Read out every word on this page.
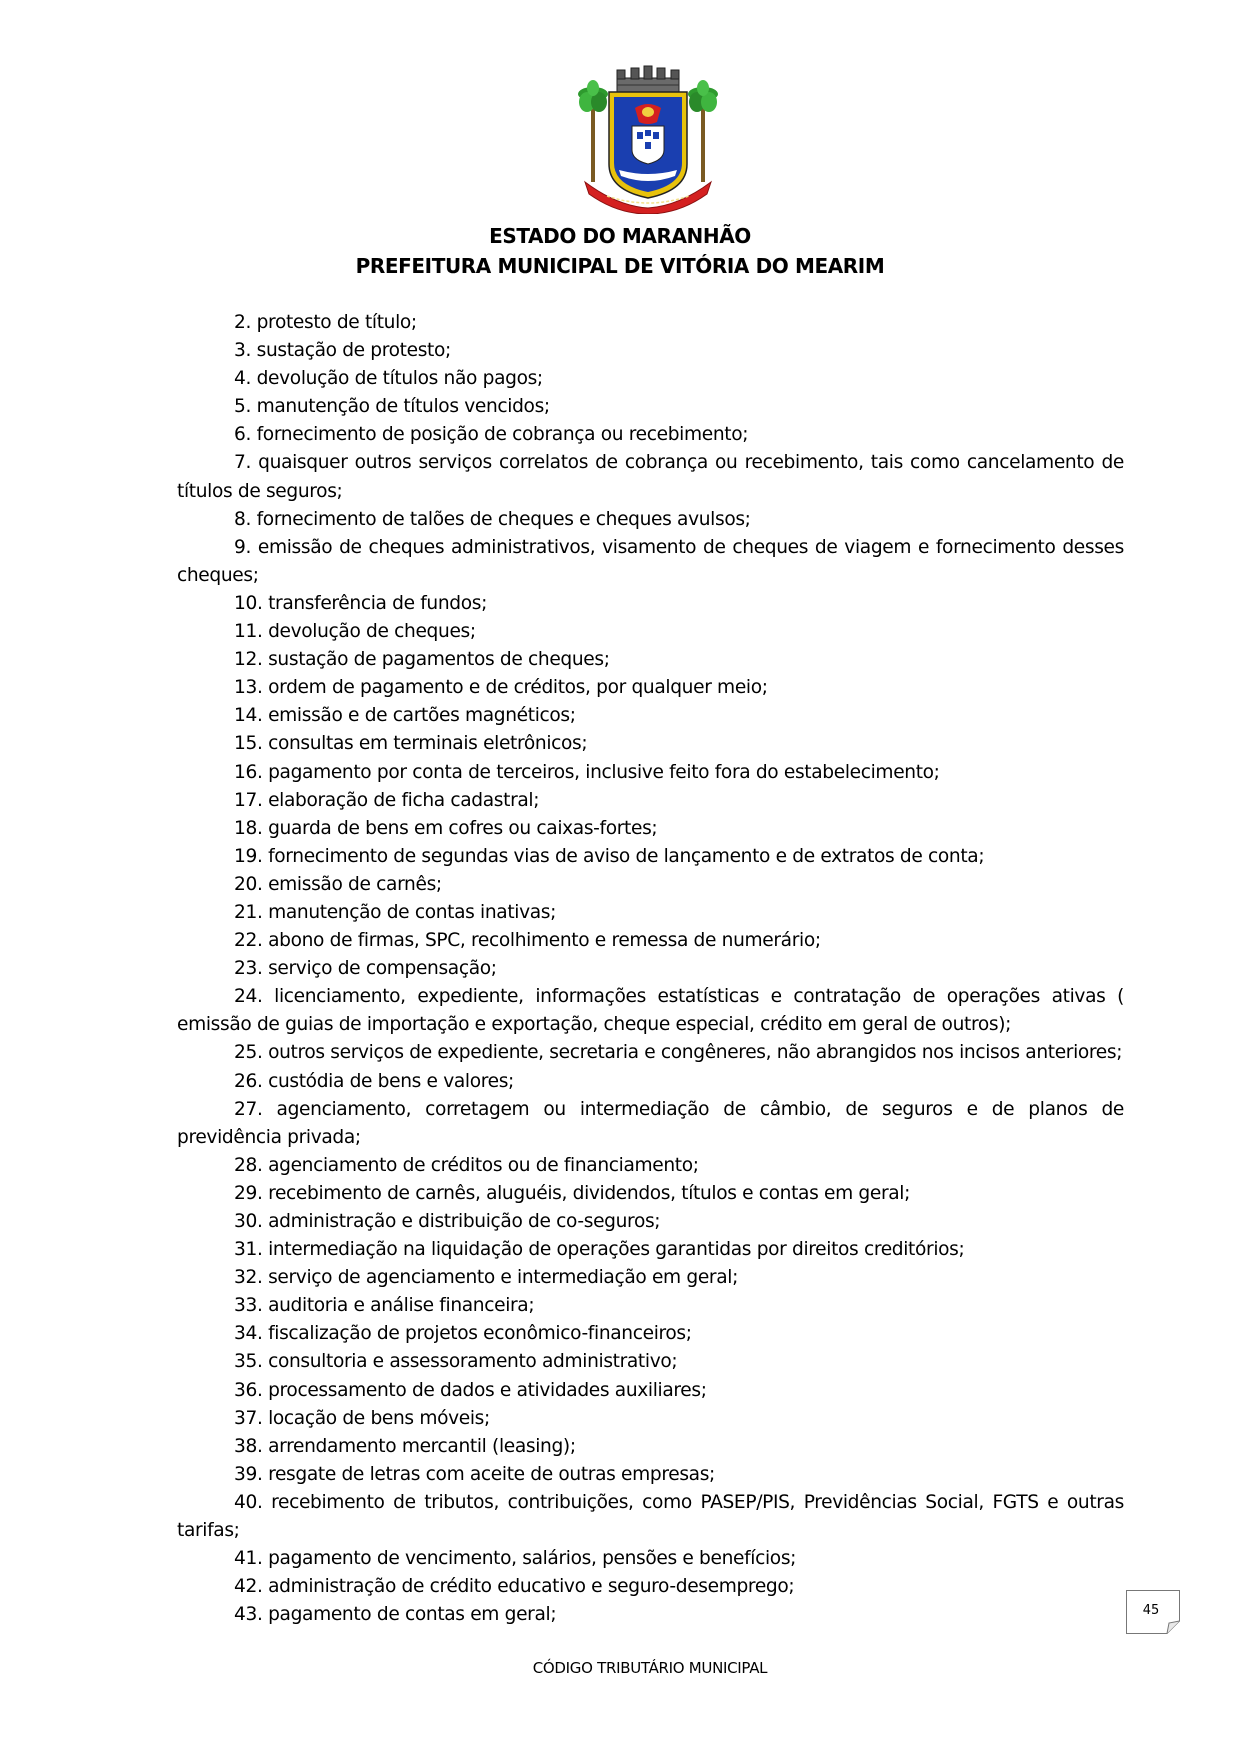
ESTADO DO MARANHÃO
PREFEITURA MUNICIPAL DE VITÓRIA DO MEARIM

2. protesto de título;

3. sustação de protesto;

4. devolução de títulos não pagos;

5. manutenção de títulos vencidos;

6. fornecimento de posição de cobrança ou recebimento;

7. quaisquer outros serviços correlatos de cobrança ou recebimento, tais como cancelamento de títulos de seguros;

8. fornecimento de talões de cheques e cheques avulsos;

9. emissão de cheques administrativos, visamento de cheques de viagem e fornecimento desses cheques;

10. transferência de fundos;

11. devolução de cheques;

12. sustação de pagamentos de cheques;

13. ordem de pagamento e de créditos, por qualquer meio;

14. emissão e de cartões magnéticos;

15. consultas em terminais eletrônicos;

16. pagamento por conta de terceiros, inclusive feito fora do estabelecimento;

17. elaboração de ficha cadastral;

18. guarda de bens em cofres ou caixas-fortes;

19. fornecimento de segundas vias de aviso de lançamento e de extratos de conta;

20. emissão de carnês;

21. manutenção de contas inativas;

22. abono de firmas, SPC, recolhimento e remessa de numerário;

23. serviço de compensação;

24. licenciamento, expediente, informações estatísticas e contratação de operações ativas ( emissão de guias de importação e exportação, cheque especial, crédito em geral de outros);

25. outros serviços de expediente, secretaria e congêneres, não abrangidos nos incisos anteriores;

26. custódia de bens e valores;

27. agenciamento, corretagem ou intermediação de câmbio, de seguros e de planos de previdência privada;

28. agenciamento de créditos ou de financiamento;

29. recebimento de carnês, aluguéis, dividendos, títulos e contas em geral;

30. administração e distribuição de co-seguros;

31. intermediação na liquidação de operações garantidas por direitos creditórios;

32. serviço de agenciamento e intermediação em geral;

33. auditoria e análise financeira;

34. fiscalização de projetos econômico-financeiros;

35. consultoria e assessoramento administrativo;

36. processamento de dados e atividades auxiliares;

37. locação de bens móveis;

38. arrendamento mercantil (leasing);

39. resgate de letras com aceite de outras empresas;

40. recebimento de tributos, contribuições, como PASEP/PIS, Previdências Social, FGTS e outras tarifas;

41. pagamento de vencimento, salários, pensões e benefícios;

42. administração de crédito educativo e seguro-desemprego;

43. pagamento de contas em geral;	45
CÓDIGO TRIBUTÁRIO MUNICIPAL
